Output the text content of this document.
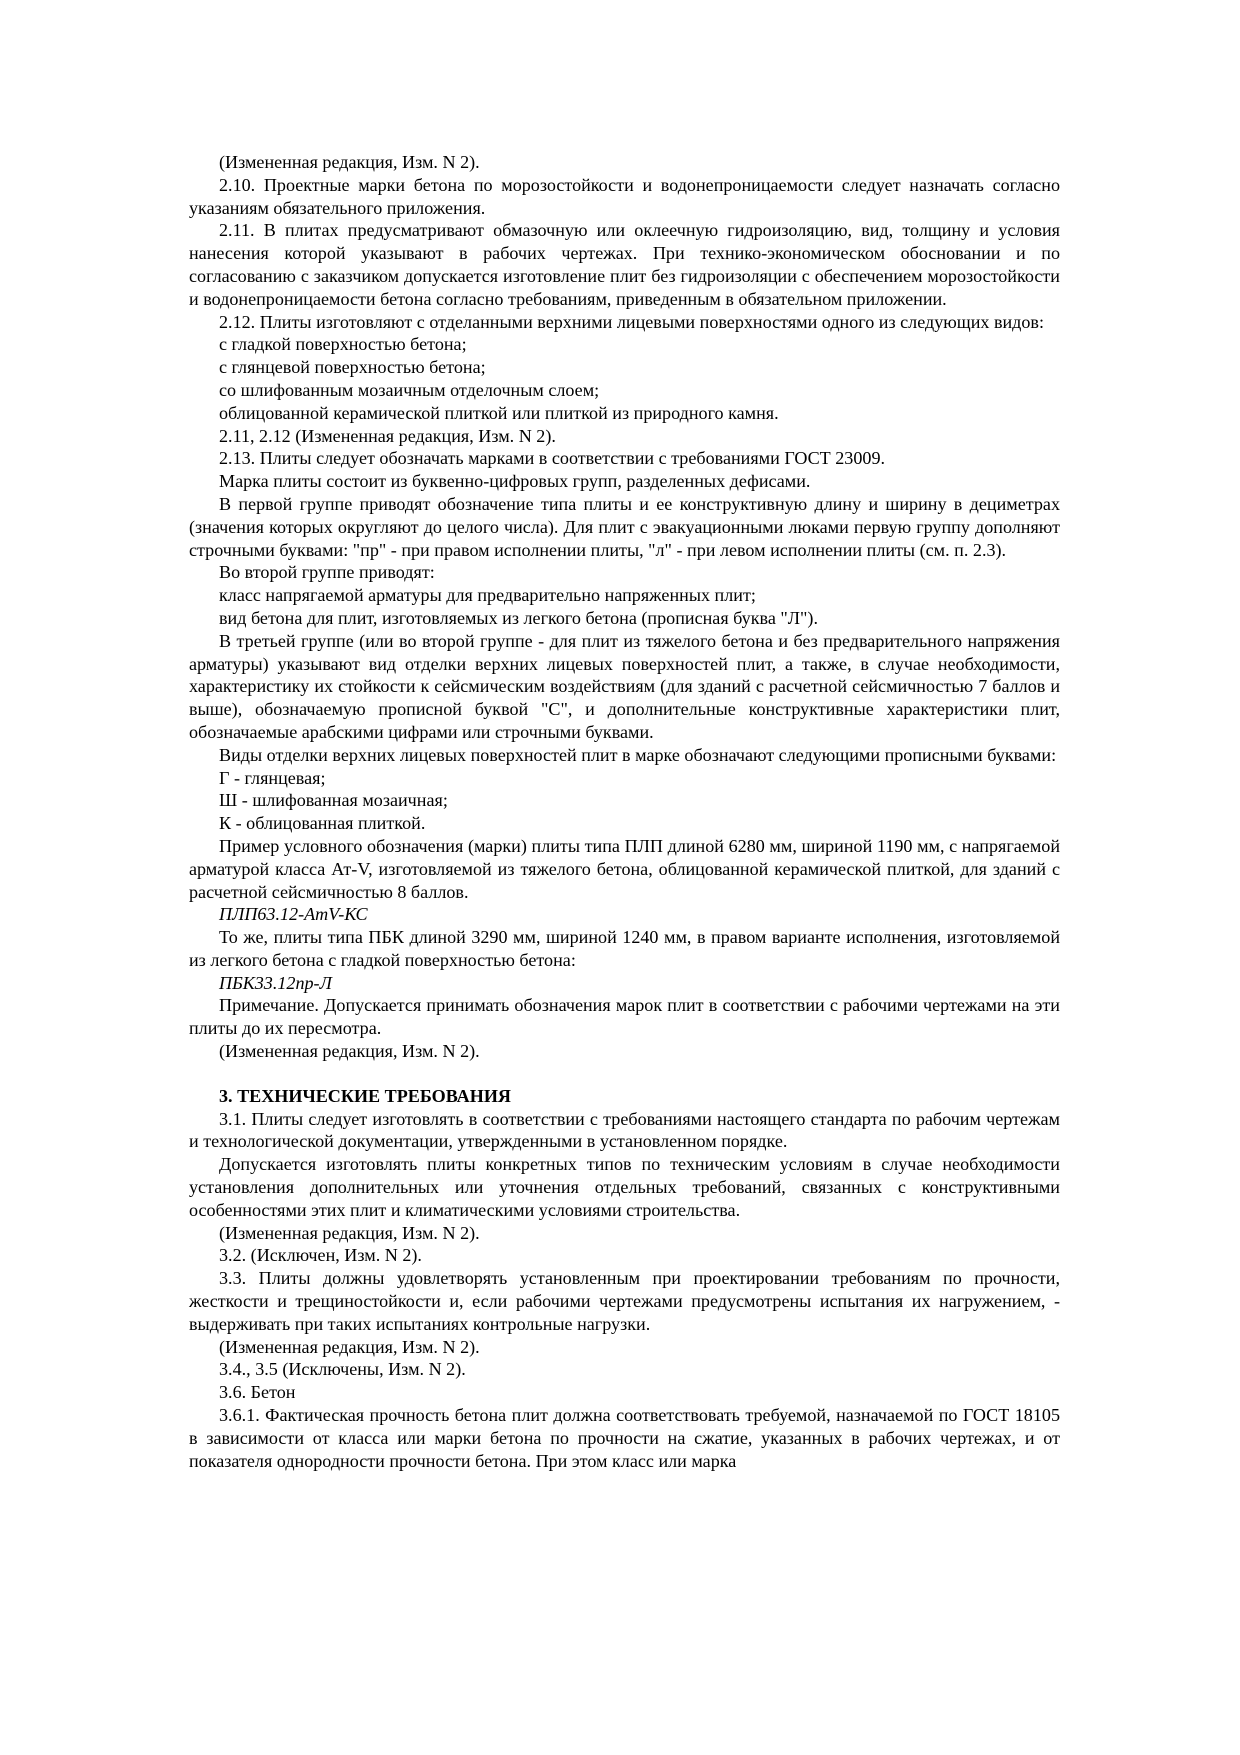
(Измененная редакция, Изм. N 2).

2.10. Проектные марки бетона по морозостойкости и водонепроницаемости следует назначать согласно указаниям обязательного приложения.

2.11. В плитах предусматривают обмазочную или оклеечную гидроизоляцию, вид, толщину и условия нанесения которой указывают в рабочих чертежах. При технико-экономическом обосновании и по согласованию с заказчиком допускается изготовление плит без гидроизоляции с обеспечением морозостойкости и водонепроницаемости бетона согласно требованиям, приведенным в обязательном приложении.

2.12. Плиты изготовляют с отделанными верхними лицевыми поверхностями одного из следующих видов:

с гладкой поверхностью бетона;

с глянцевой поверхностью бетона;

со шлифованным мозаичным отделочным слоем;

облицованной керамической плиткой или плиткой из природного камня.

2.11, 2.12 (Измененная редакция, Изм. N 2).

2.13. Плиты следует обозначать марками в соответствии с требованиями ГОСТ 23009.

Марка плиты состоит из буквенно-цифровых групп, разделенных дефисами.

В первой группе приводят обозначение типа плиты и ее конструктивную длину и ширину в дециметрах (значения которых округляют до целого числа). Для плит с эвакуационными люками первую группу дополняют строчными буквами: "пр" - при правом исполнении плиты, "л" - при левом исполнении плиты (см. п. 2.3).

Во второй группе приводят:

класс напрягаемой арматуры для предварительно напряженных плит;

вид бетона для плит, изготовляемых из легкого бетона (прописная буква "Л").

В третьей группе (или во второй группе - для плит из тяжелого бетона и без предварительного напряжения арматуры) указывают вид отделки верхних лицевых поверхностей плит, а также, в случае необходимости, характеристику их стойкости к сейсмическим воздействиям (для зданий с расчетной сейсмичностью 7 баллов и выше), обозначаемую прописной буквой "С", и дополнительные конструктивные характеристики плит, обозначаемые арабскими цифрами или строчными буквами.

Виды отделки верхних лицевых поверхностей плит в марке обозначают следующими прописными буквами:

Г - глянцевая;

Ш - шлифованная мозаичная;

К - облицованная плиткой.

Пример условного обозначения (марки) плиты типа ПЛП длиной 6280 мм, шириной 1190 мм, с напрягаемой арматурой класса Ат-V, изготовляемой из тяжелого бетона, облицованной керамической плиткой, для зданий с расчетной сейсмичностью 8 баллов.

ПЛП63.12-АтV-КС

То же, плиты типа ПБК длиной 3290 мм, шириной 1240 мм, в правом варианте исполнения, изготовляемой из легкого бетона с гладкой поверхностью бетона:

ПБК33.12пр-Л

Примечание. Допускается принимать обозначения марок плит в соответствии с рабочими чертежами на эти плиты до их пересмотра.

(Измененная редакция, Изм. N 2).

3. ТЕХНИЧЕСКИЕ ТРЕБОВАНИЯ

3.1. Плиты следует изготовлять в соответствии с требованиями настоящего стандарта по рабочим чертежам и технологической документации, утвержденными в установленном порядке.

Допускается изготовлять плиты конкретных типов по техническим условиям в случае необходимости установления дополнительных или уточнения отдельных требований, связанных с конструктивными особенностями этих плит и климатическими условиями строительства.

(Измененная редакция, Изм. N 2).

3.2. (Исключен, Изм. N 2).

3.3. Плиты должны удовлетворять установленным при проектировании требованиям по прочности, жесткости и трещиностойкости и, если рабочими чертежами предусмотрены испытания их нагружением, - выдерживать при таких испытаниях контрольные нагрузки.

(Измененная редакция, Изм. N 2).

3.4., 3.5 (Исключены, Изм. N 2).

3.6. Бетон

3.6.1. Фактическая прочность бетона плит должна соответствовать требуемой, назначаемой по ГОСТ 18105 в зависимости от класса или марки бетона по прочности на сжатие, указанных в рабочих чертежах, и от показателя однородности прочности бетона. При этом класс или марка
